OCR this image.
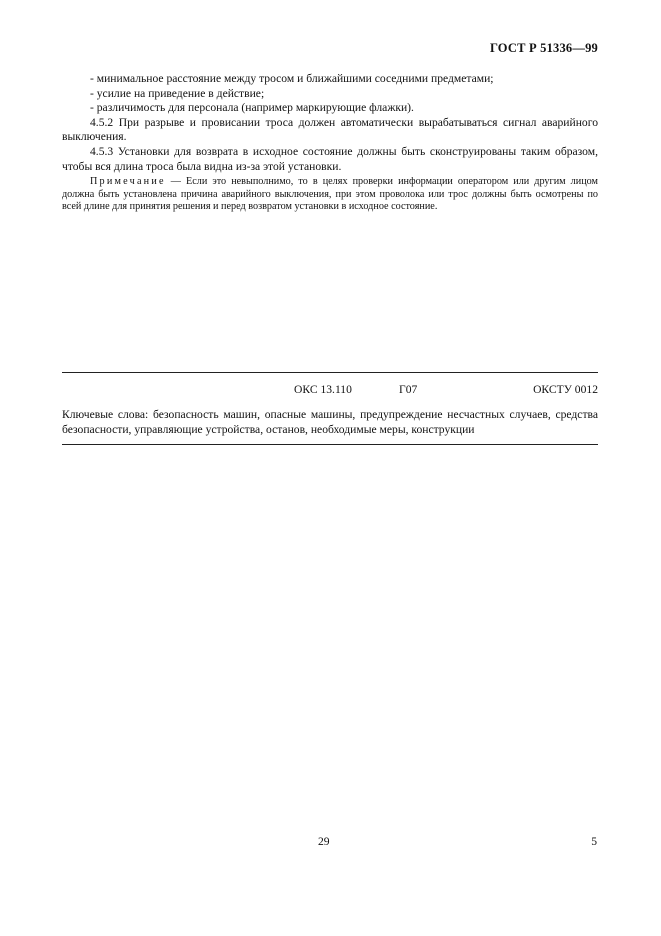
ГОСТ Р 51336—99

- минимальное расстояние между тросом и ближайшими соседними предметами;

- усилие на приведение в действие;

- различимость для персонала (например маркирующие флажки).

4.5.2 При разрыве и провисании троса должен автоматически вырабатываться сигнал аварийного выключения.

4.5.3 Установки для возврата в исходное состояние должны быть сконструированы таким образом, чтобы вся длина троса была видна из-за этой установки.

Примечание — Если это невыполнимо, то в целях проверки информации оператором или другим лицом должна быть установлена причина аварийного выключения, при этом проволока или трос должны быть осмотрены по всей длине для принятия решения и перед возвратом установки в исходное состояние.

ОКС 13.110	Г07	ОКСТУ 0012

Ключевые слова: безопасность машин, опасные машины, предупреждение несчастных случаев, средства безопасности, управляющие устройства, останов, необходимые меры, конструкции

29	5
